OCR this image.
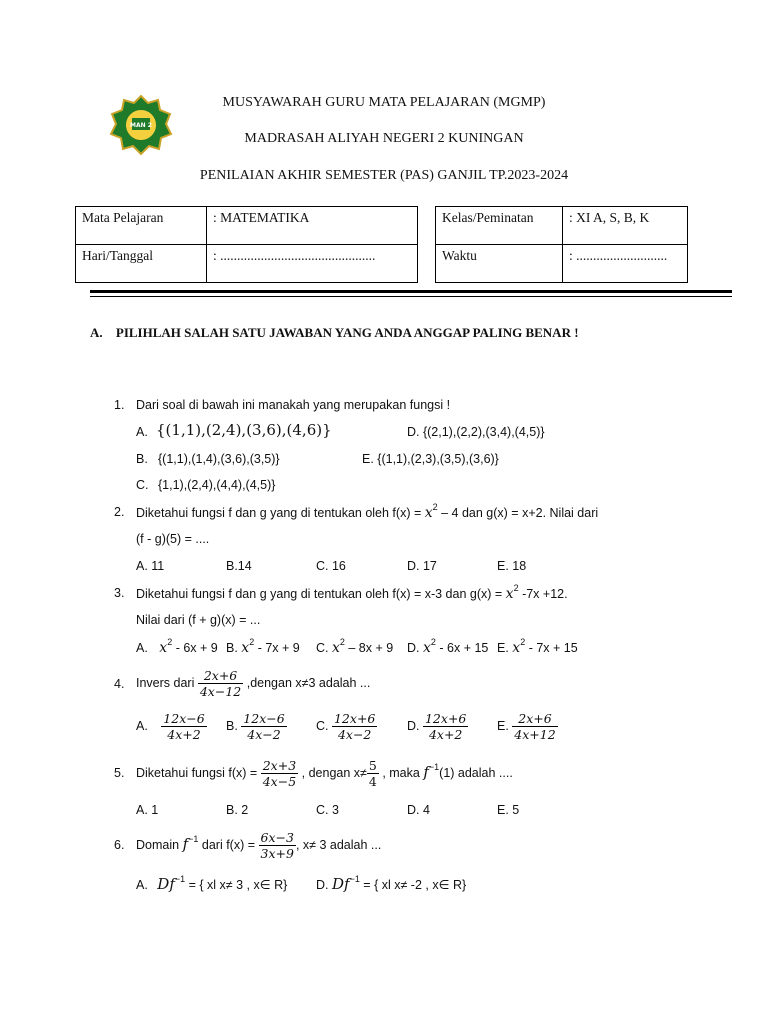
MAN 2
MUSYAWARAH GURU MATA PELAJARAN (MGMP)
MADRASAH ALIYAH NEGERI 2 KUNINGAN
PENILAIAN AKHIR SEMESTER (PAS) GANJIL TP.2023-2024
Mata Pelajaran	: MATEMATIKA
Hari/Tanggal	: ..............................................
Kelas/Peminatan	: XI A, S, B, K
Waktu	: ...........................
A. PILIHLAH SALAH SATU JAWABAN YANG ANDA ANGGAP PALING BENAR !
1. Dari soal di bawah ini manakah yang merupakan fungsi !
A. {(1,1),(2,4),(3,6),(4,6)}	D. {(2,1),(2,2),(3,4),(4,5)}
B. {(1,1),(1,4),(3,6),(3,5)}	E. {(1,1),(2,3),(3,5),(3,6)}
C. {1,1),(2,4),(4,4),(4,5)}
2. Diketahui fungsi f dan g yang di tentukan oleh $f(x) = x^2 - 4$ dan g(x) = x+2. Nilai dari
(f - g)(5) = ....
A. 11	B.14	C. 16	D. 17	E. 18
3. Diketahui fungsi f dan g yang di tentukan oleh f(x) = x-3 dan $g(x) = x^2$ -7x +12.
Nilai dari (f + g)(x) = ...
A. $x^2 - 6x + 9$ B. $x^2 - 7x + 9$ C. $x^2 - 8x + 9$ D. $x^2 - 6x + 15$ E. $x^2 - 7x + 15$
4. Invers dari $\frac{2x+6}{4x-12}$ ,dengan x≠3 adalah ...
A. $\frac{12x-6}{4x+2} B$. $\frac{12x-6}{4x-2} C$. $\frac{12x+6}{4x-2} D$. $\frac{12x+6}{4x+2} E$. $\frac{2x+6}{4x+12}$
5. Diketahui fungsi $f(x) = \frac{2x+3}{4x-5}$ , dengan $x\ne \frac{5}{4}$ , maka $f^{-1}(1)$ adalah ....
A. 1	B. 2	C. 3	D. 4	E. 5
6. Domain $f^{-1}$ dari $f(x) = \frac{6x-3}{3x+9}$ , x≠ 3 adalah ...
A. $Df^{-1}$ = { xl x≠ 3 , x∈ R} D. $Df^{-1}$ = { xl x≠ -2 , x∈ R}
